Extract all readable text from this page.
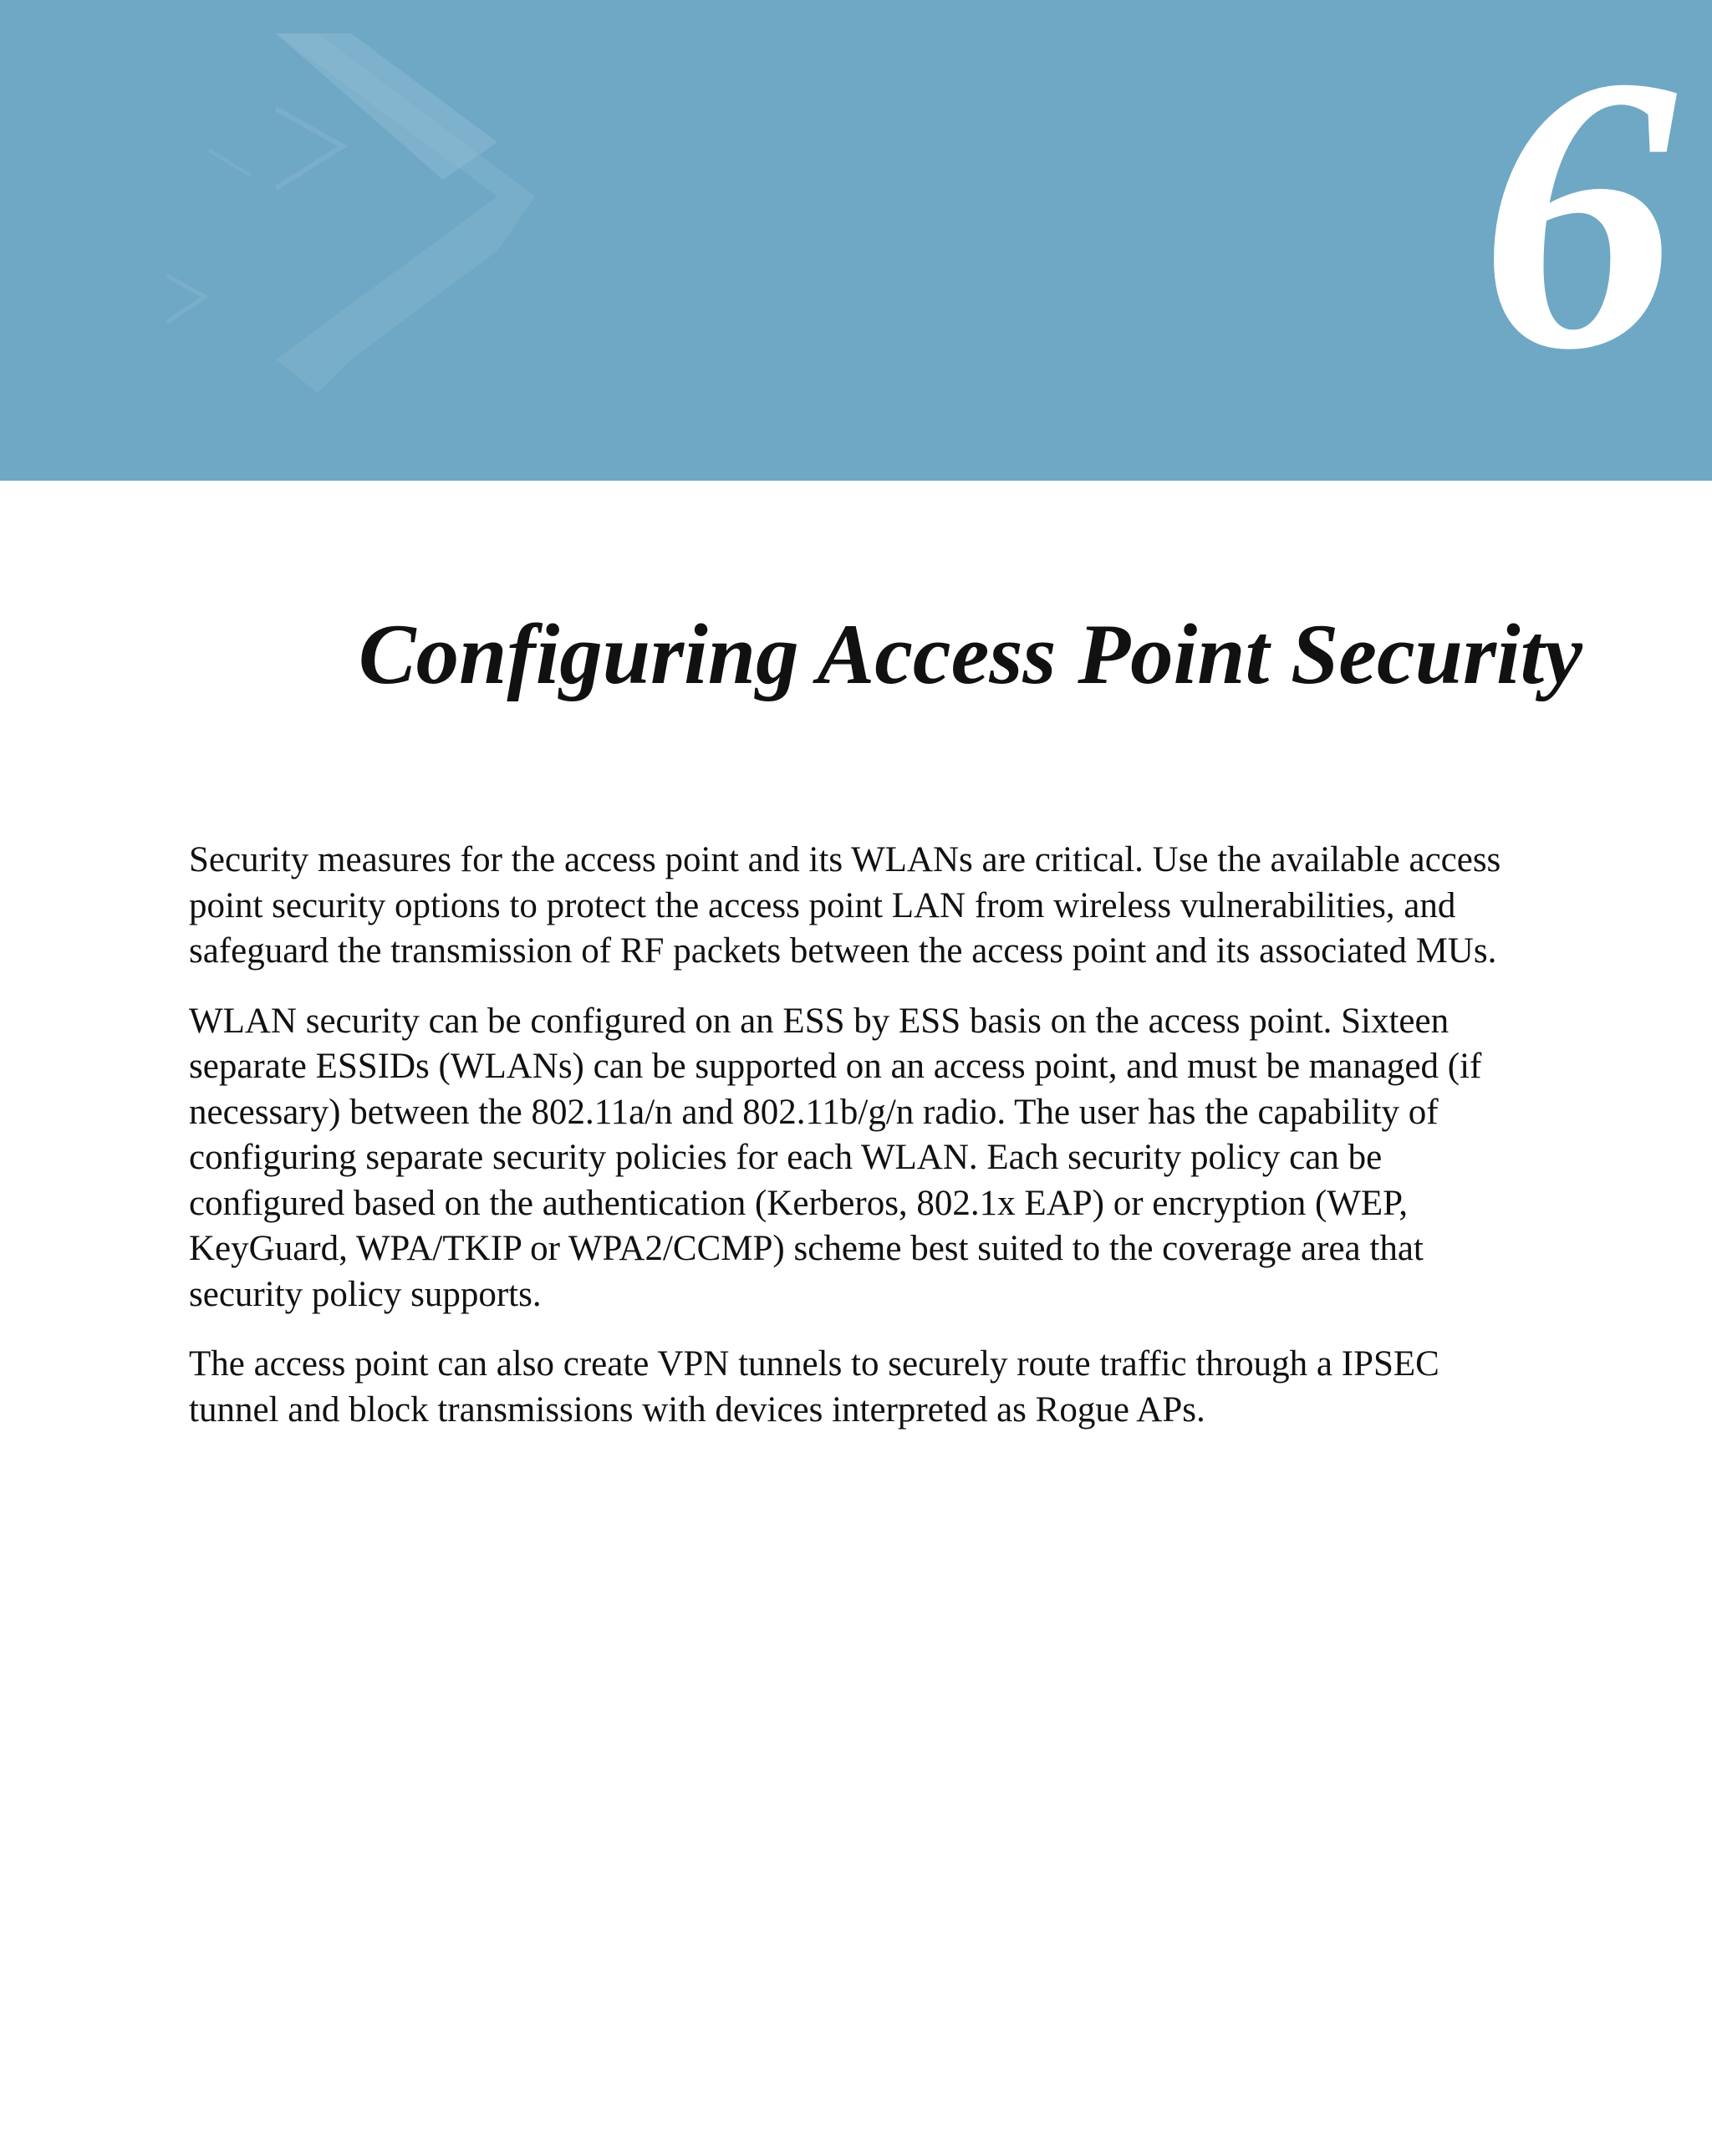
6
Configuring Access Point Security

Security measures for the access point and its WLANs are critical. Use the available access
point security options to protect the access point LAN from wireless vulnerabilities, and
safeguard the transmission of RF packets between the access point and its associated MUs.

WLAN security can be configured on an ESS by ESS basis on the access point. Sixteen
separate ESSIDs (WLANs) can be supported on an access point, and must be managed (if
necessary) between the 802.11a/n and 802.11b/g/n radio. The user has the capability of
configuring separate security policies for each WLAN. Each security policy can be
configured based on the authentication (Kerberos, 802.1x EAP) or encryption (WEP,
KeyGuard, WPA/TKIP or WPA2/CCMP) scheme best suited to the coverage area that
security policy supports.

The access point can also create VPN tunnels to securely route traffic through a IPSEC
tunnel and block transmissions with devices interpreted as Rogue APs.
